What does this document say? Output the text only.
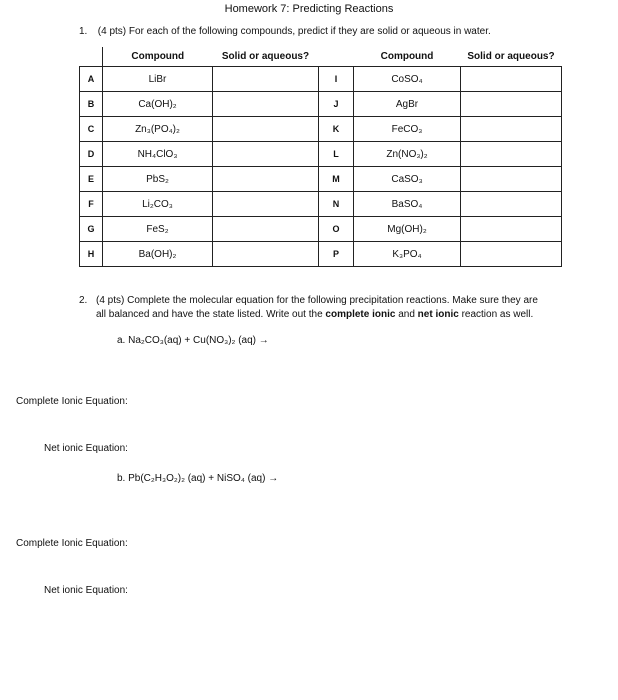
Homework 7: Predicting Reactions
1. (4 pts) For each of the following compounds, predict if they are solid or aqueous in water.
	Compound	Solid or aqueous?		Compound	Solid or aqueous?
A	LiBr		I	CoSO₄	
B	Ca(OH)₂		J	AgBr	
C	Zn₃(PO₄)₂		K	FeCO₃	
D	NH₄ClO₃		L	Zn(NO₃)₂	
E	PbS₂		M	CaSO₃	
F	Li₂CO₃		N	BaSO₄	
G	FeS₂		O	Mg(OH)₂	
H	Ba(OH)₂		P	K₃PO₄	
2. (4 pts) Complete the molecular equation for the following precipitation reactions. Make sure they are all balanced and have the state listed. Write out the complete ionic and net ionic reaction as well.
a. Na₂CO₃(aq) + Cu(NO₃)₂ (aq) →
Complete Ionic Equation:
Net ionic Equation:
b. Pb(C₂H₃O₂)₂ (aq) + NiSO₄ (aq) →
Complete Ionic Equation:
Net ionic Equation:
